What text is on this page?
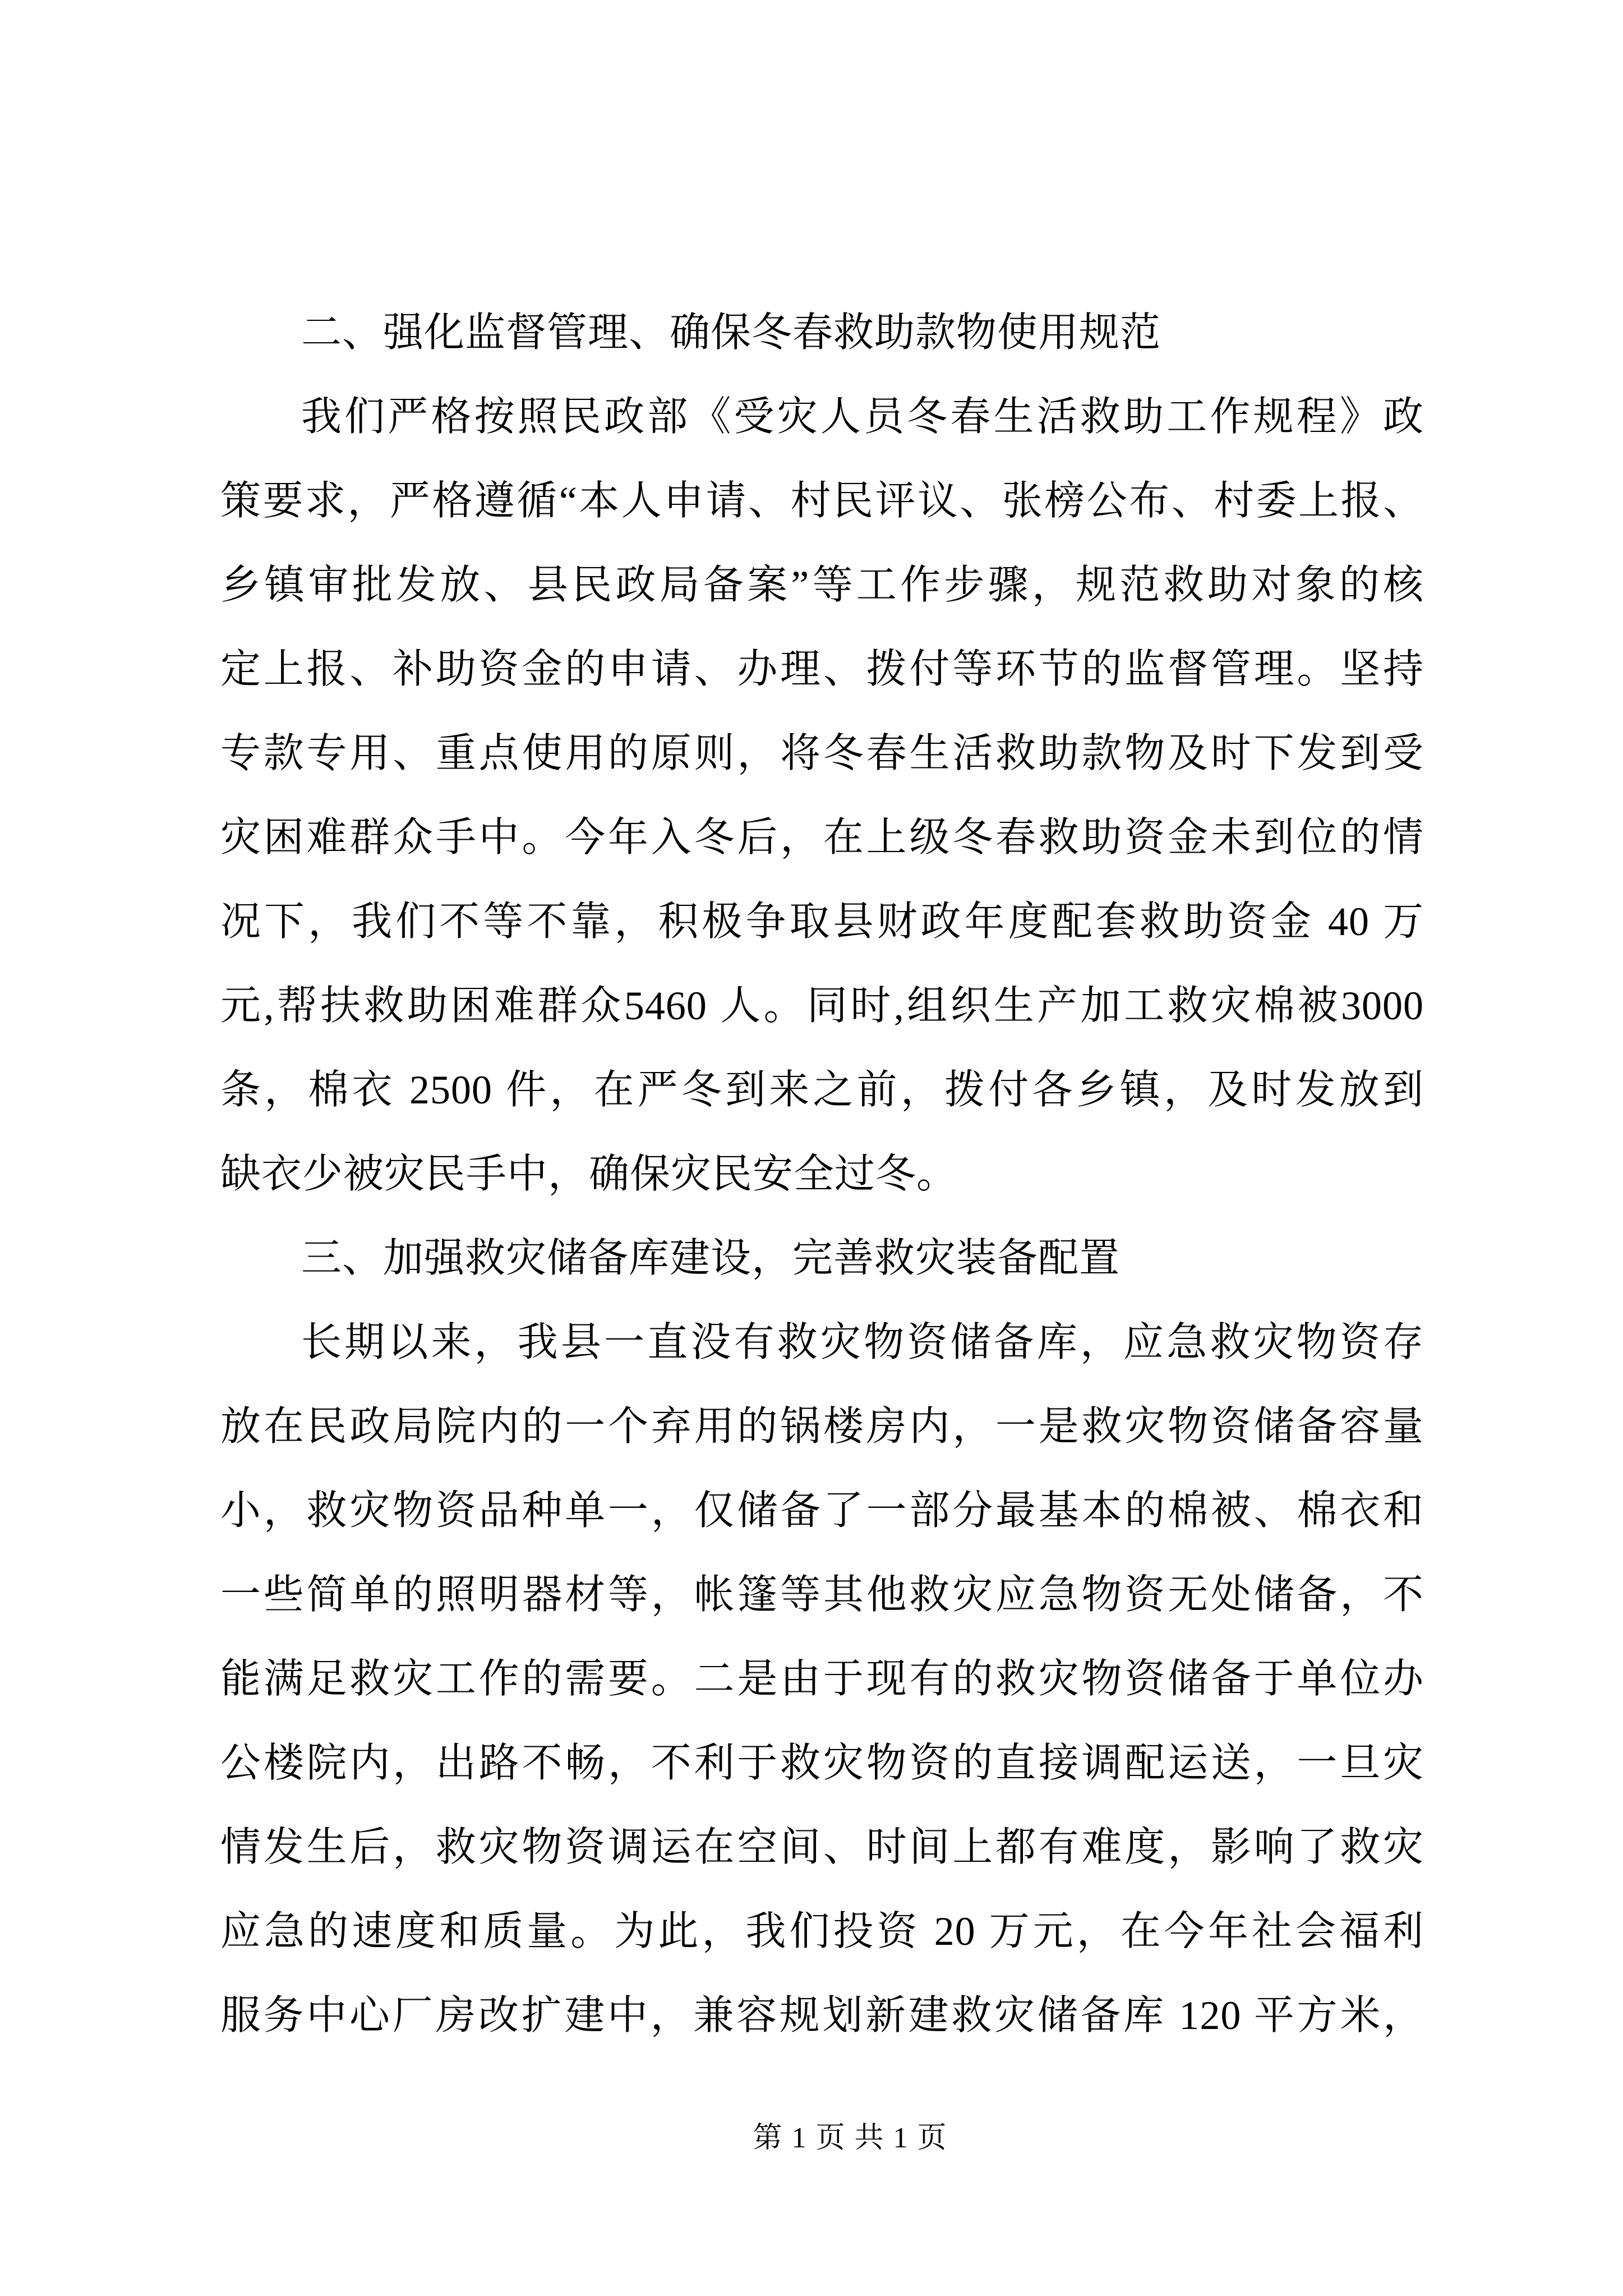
二、强化监督管理、确保冬春救助款物使用规范
我们严格按照民政部《受灾人员冬春生活救助工作规程》政
策要求，严格遵循“本人申请、村民评议、张榜公布、村委上报、
乡镇审批发放、县民政局备案”等工作步骤，规范救助对象的核
定上报、补助资金的申请、办理、拨付等环节的监督管理。坚持
专款专用、重点使用的原则，将冬春生活救助款物及时下发到受
灾困难群众手中。今年入冬后，在上级冬春救助资金未到位的情
况下，我们不等不靠，积极争取县财政年度配套救助资金 40 万
元,帮扶救助困难群众5460 人。同时,组织生产加工救灾棉被3000
条，棉衣 2500 件，在严冬到来之前，拨付各乡镇，及时发放到
缺衣少被灾民手中，确保灾民安全过冬。
三、加强救灾储备库建设，完善救灾装备配置
长期以来，我县一直没有救灾物资储备库，应急救灾物资存
放在民政局院内的一个弃用的锅楼房内，一是救灾物资储备容量
小，救灾物资品种单一，仅储备了一部分最基本的棉被、棉衣和
一些简单的照明器材等，帐篷等其他救灾应急物资无处储备，不
能满足救灾工作的需要。二是由于现有的救灾物资储备于单位办
公楼院内，出路不畅，不利于救灾物资的直接调配运送，一旦灾
情发生后，救灾物资调运在空间、时间上都有难度，影响了救灾
应急的速度和质量。为此，我们投资 20 万元，在今年社会福利
服务中心厂房改扩建中，兼容规划新建救灾储备库 120 平方米，
第 1 页 共 1 页
